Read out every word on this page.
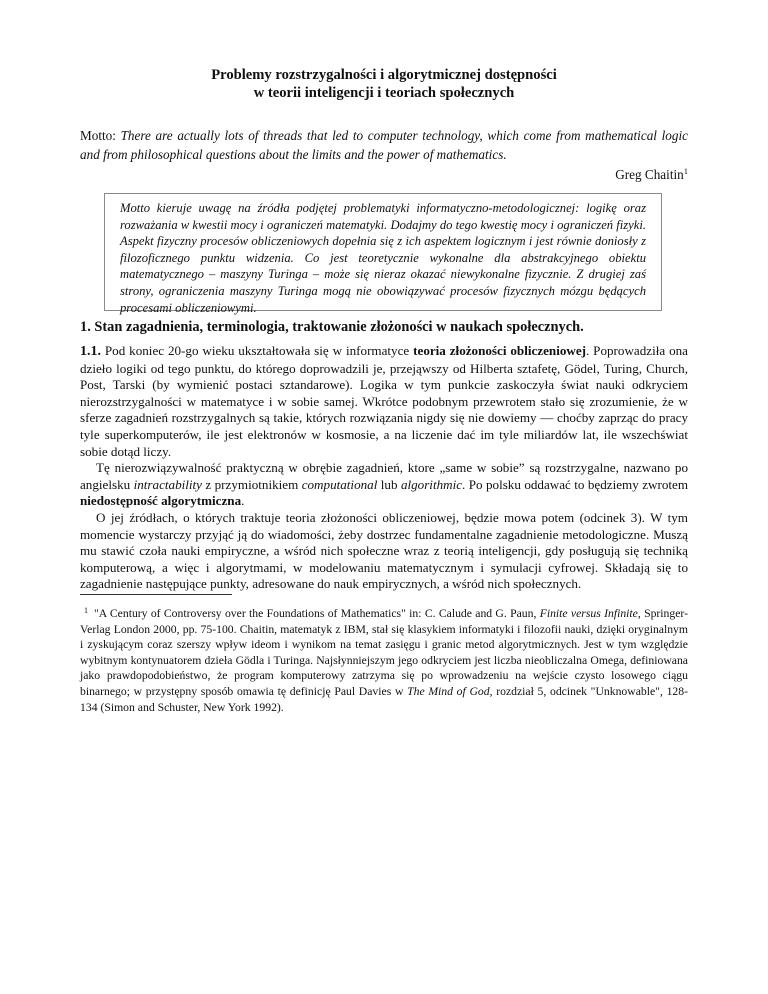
Problemy rozstrzygalności i algorytmicznej dostępności
w teorii inteligencji i teoriach społecznych
Motto: There are actually lots of threads that led to computer technology, which come from mathematical logic and from philosophical questions about the limits and the power of mathematics.
Greg Chaitin$^1$
Motto kieruje uwagę na źródła podjętej problematyki informatyczno-metodologicznej: logikę oraz rozważania w kwestii mocy i ograniczeń matematyki. Dodajmy do tego kwestię mocy i ograniczeń fizyki. Aspekt fizyczny procesów obliczeniowych dopełnia się z ich aspektem logicznym i jest równie doniosły z filozoficznego punktu widzenia. Co jest teoretycznie wykonalne dla abstrakcyjnego obiektu matematycznego – maszyny Turinga – może się nieraz okazać niewykonalne fizycznie. Z drugiej zaś strony, ograniczenia maszyny Turinga mogą nie obowiązywać procesów fizycznych mózgu będących procesami obliczeniowymi.
1. Stan zagadnienia, terminologia, traktowanie złożoności w naukach społecznych.

1.1. Pod koniec 20-go wieku ukształtowała się w informatyce teoria złożoności obliczeniowej. Poprowadziła ona dzieło logiki od tego punktu, do którego doprowadzili je, przejąwszy od Hilberta sztafetę, Gödel, Turing, Church, Post, Tarski (by wymienić postaci sztandarowe). Logika w tym punkcie zaskoczyła świat nauki odkryciem nierozstrzygalności w matematyce i w sobie samej. Wkrótce podobnym przewrotem stało się zrozumienie, że w sferze zagadnień rozstrzygalnych są takie, których rozwiązania nigdy się nie dowiemy — choćby zaprząc do pracy tyle superkomputerów, ile jest elektronów w kosmosie, a na liczenie dać im tyle miliardów lat, ile wszechświat sobie dotąd liczy.

Tę nierozwiązywalność praktyczną w obrębie zagadnień, ktore „same w sobie” są rozstrzygalne, nazwano po angielsku intractability z przymiotnikiem computational lub algorithmic. Po polsku oddawać to będziemy zwrotem niedostępność algorytmiczna.

O jej źródłach, o których traktuje teoria złożoności obliczeniowej, będzie mowa potem (odcinek 3). W tym momencie wystarczy przyjąć ją do wiadomości, żeby dostrzec fundamentalne zagadnienie metodologiczne. Muszą mu stawić czoła nauki empiryczne, a wśród nich społeczne wraz z teorią inteligencji, gdy posługują się techniką komputerową, a więc i algorytmami, w modelowaniu matematycznym i symulacji cyfrowej. Składają się to zagadnienie następujące punkty, adresowane do nauk empirycznych, a wśród nich społecznych.

$^1$ "A Century of Controversy over the Foundations of Mathematics" in: C. Calude and G. Paun, Finite versus Infinite, Springer-Verlag London 2000, pp. 75-100. Chaitin, matematyk z IBM, stał się klasykiem informatyki i filozofii nauki, dzięki oryginalnym i zyskującym coraz szerszy wpływ ideom i wynikom na temat zasięgu i granic metod algorytmicznych. Jest w tym względzie wybitnym kontynuatorem dzieła Gödla i Turinga. Najsłynniejszym jego odkryciem jest liczba nieobliczalna Omega, definiowana jako prawdopodobieństwo, że program komputerowy zatrzyma się po wprowadzeniu na wejście czysto losowego ciągu binarnego; w przystępny sposób omawia tę definicję Paul Davies w The Mind of God, rozdział 5, odcinek "Unknowable", 128-134 (Simon and Schuster, New York 1992).
